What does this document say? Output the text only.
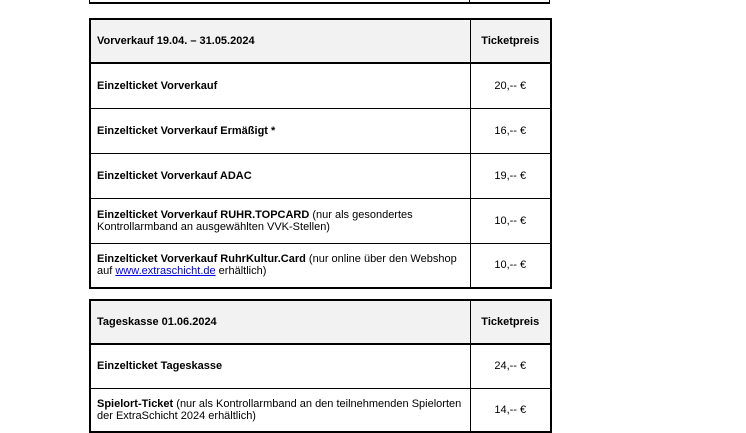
Vorverkauf 19.04. – 31.05.2024	Ticketpreis
Einzelticket Vorverkauf	20,-- €
Einzelticket Vorverkauf Ermäßigt *	16,-- €
Einzelticket Vorverkauf ADAC	19,-- €
Einzelticket Vorverkauf RUHR.TOPCARD (nur als gesondertes Kontrollarmband an ausgewählten VVK-Stellen)	10,-- €
Einzelticket Vorverkauf RuhrKultur.Card (nur online über den Webshop auf www.extraschicht.de erhältlich)	10,-- €
Tageskasse 01.06.2024	Ticketpreis
Einzelticket Tageskasse	24,-- €
Spielort-Ticket (nur als Kontrollarmband an den teilnehmenden Spielorten der ExtraSchicht 2024 erhältlich)	14,-- €
